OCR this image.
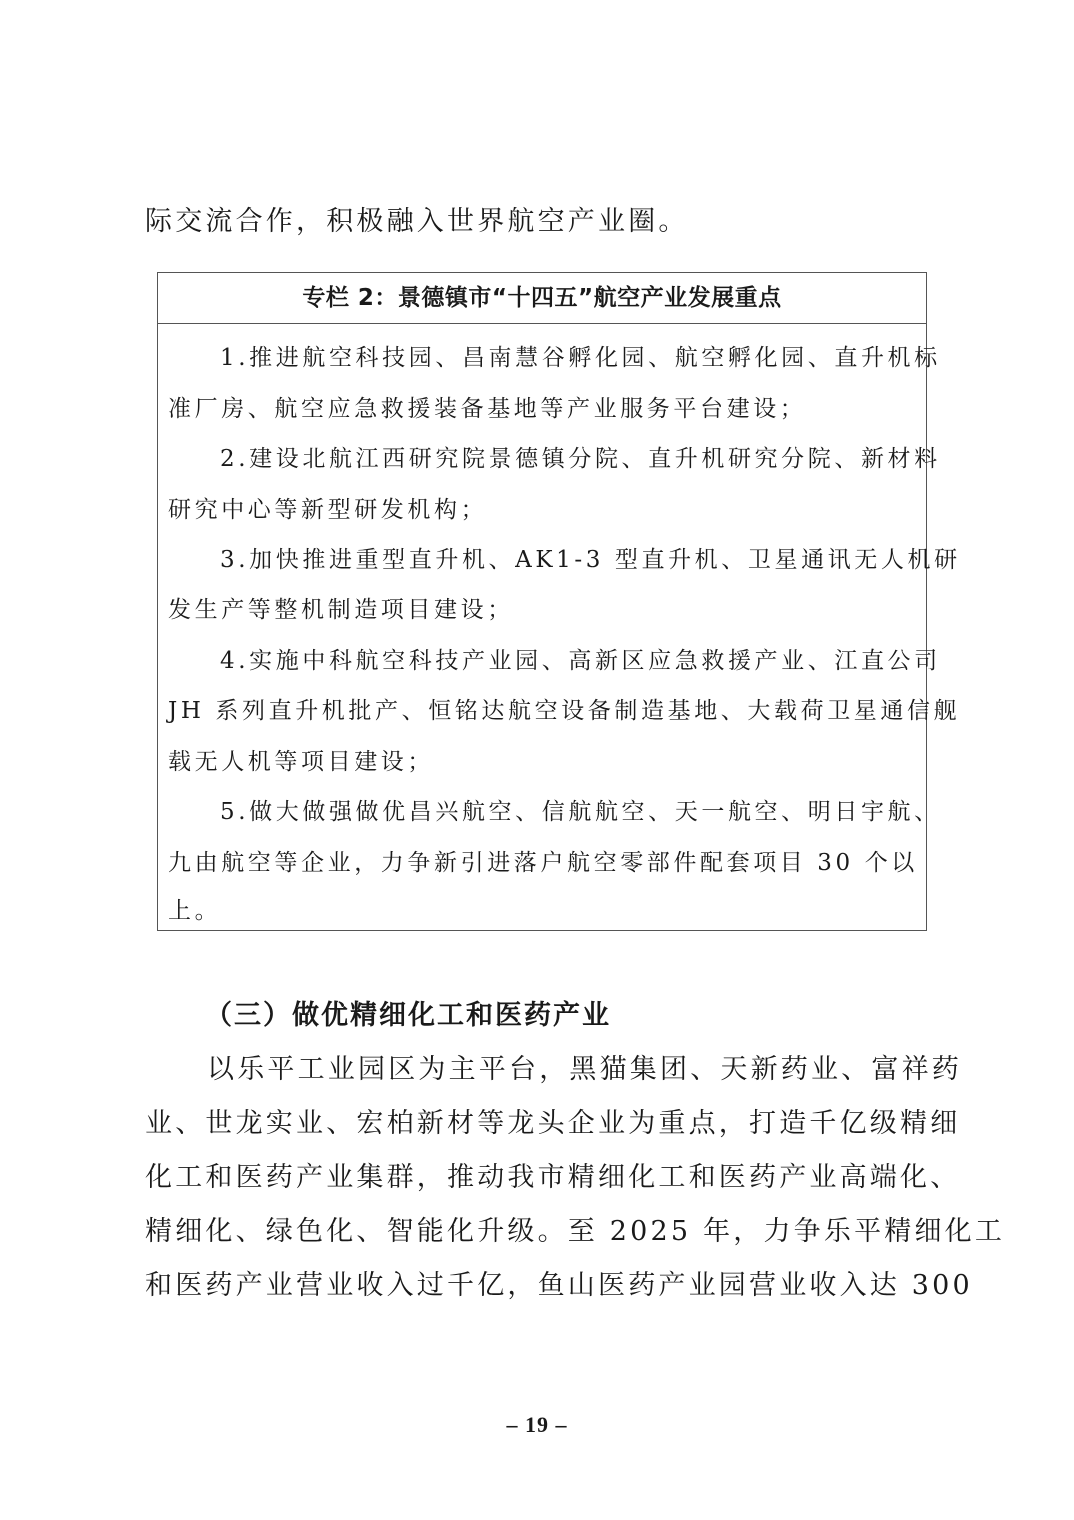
际交流合作，积极融入世界航空产业圈。
专栏 2：景德镇市“十四五”航空产业发展重点
1.推进航空科技园、昌南慧谷孵化园、航空孵化园、直升机标
准厂房、航空应急救援装备基地等产业服务平台建设；
2.建设北航江西研究院景德镇分院、直升机研究分院、新材料
研究中心等新型研发机构；
3.加快推进重型直升机、AK1-3 型直升机、卫星通讯无人机研
发生产等整机制造项目建设；
4.实施中科航空科技产业园、高新区应急救援产业、江直公司
JH 系列直升机批产、恒铭达航空设备制造基地、大载荷卫星通信舰
载无人机等项目建设；
5.做大做强做优昌兴航空、信航航空、天一航空、明日宇航、
九由航空等企业，力争新引进落户航空零部件配套项目 30 个以
上。
（三）做优精细化工和医药产业
以乐平工业园区为主平台，黑猫集团、天新药业、富祥药
业、世龙实业、宏柏新材等龙头企业为重点，打造千亿级精细
化工和医药产业集群，推动我市精细化工和医药产业高端化、
精细化、绿色化、智能化升级。至 2025 年，力争乐平精细化工
和医药产业营业收入过千亿，鱼山医药产业园营业收入达 300
– 19 –
